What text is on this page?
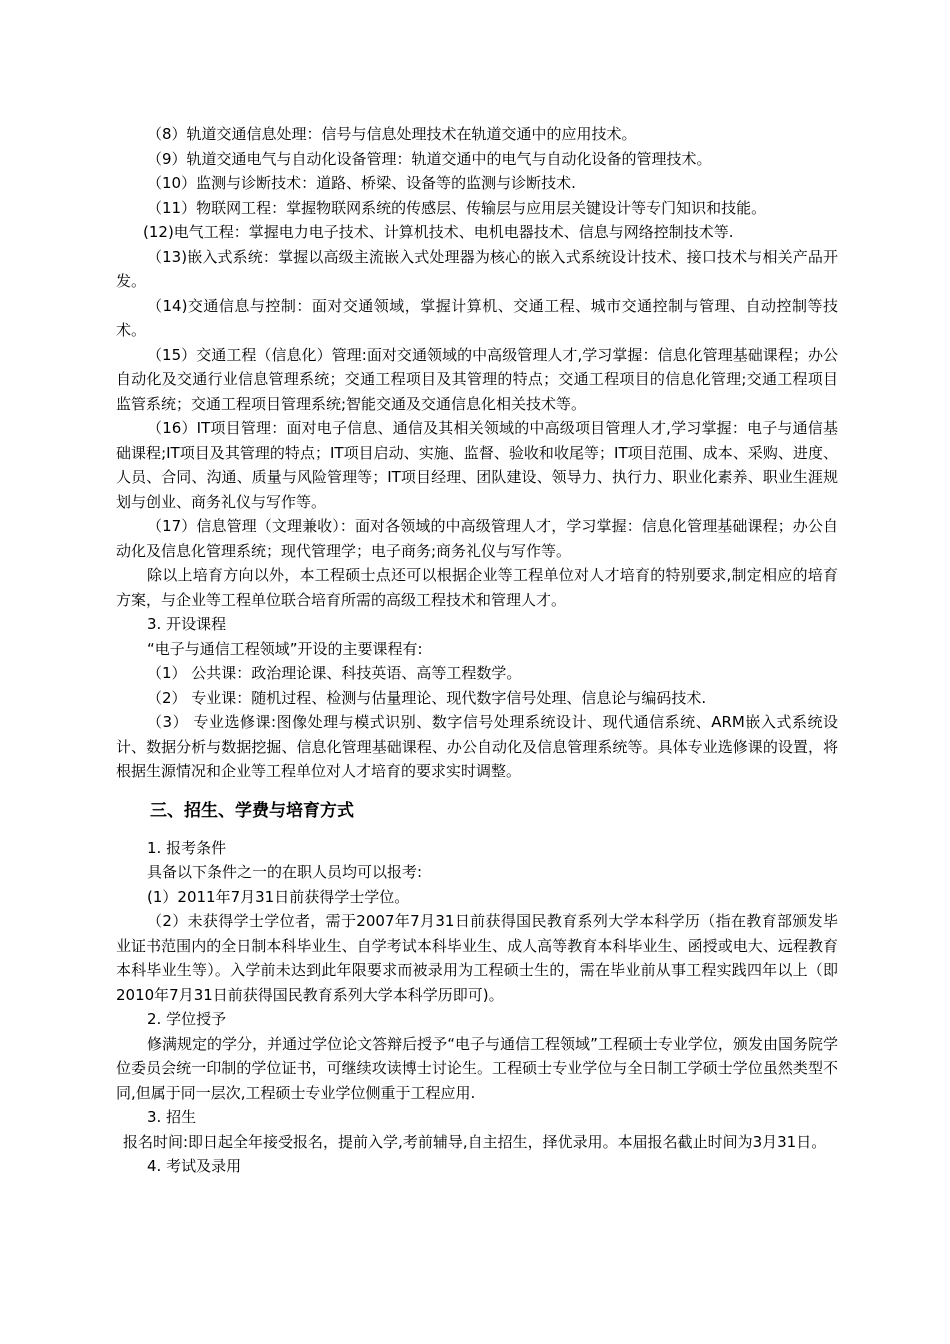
（8）轨道交通信息处理：信号与信息处理技术在轨道交通中的应用技术。

（9）轨道交通电气与自动化设备管理：轨道交通中的电气与自动化设备的管理技术。

（10）监测与诊断技术：道路、桥梁、设备等的监测与诊断技术.

（11）物联网工程：掌握物联网系统的传感层、传输层与应用层关键设计等专门知识和技能。

(12)电气工程：掌握电力电子技术、计算机技术、电机电器技术、信息与网络控制技术等.

（13)嵌入式系统：掌握以高级主流嵌入式处理器为核心的嵌入式系统设计技术、接口技术与相关产品开发。

（14)交通信息与控制：面对交通领域，掌握计算机、交通工程、城市交通控制与管理、自动控制等技术。

（15）交通工程（信息化）管理:面对交通领域的中高级管理人才,学习掌握：信息化管理基础课程；办公自动化及交通行业信息管理系统；交通工程项目及其管理的特点；交通工程项目的信息化管理;交通工程项目监管系统；交通工程项目管理系统;智能交通及交通信息化相关技术等。

（16）IT项目管理：面对电子信息、通信及其相关领域的中高级项目管理人才,学习掌握：电子与通信基础课程;IT项目及其管理的特点；IT项目启动、实施、监督、验收和收尾等；IT项目范围、成本、采购、进度、人员、合同、沟通、质量与风险管理等；IT项目经理、团队建设、领导力、执行力、职业化素养、职业生涯规划与创业、商务礼仪与写作等。

（17）信息管理（文理兼收）：面对各领域的中高级管理人才，学习掌握：信息化管理基础课程；办公自动化及信息化管理系统；现代管理学；电子商务;商务礼仪与写作等。

除以上培育方向以外，本工程硕士点还可以根据企业等工程单位对人才培育的特别要求,制定相应的培育方案，与企业等工程单位联合培育所需的高级工程技术和管理人才。

3. 开设课程

“电子与通信工程领域”开设的主要课程有:

（1） 公共课：政治理论课、科技英语、高等工程数学。

（2） 专业课：随机过程、检测与估量理论、现代数字信号处理、信息论与编码技术.

（3） 专业选修课:图像处理与模式识别、数字信号处理系统设计、现代通信系统、ARM嵌入式系统设计、数据分析与数据挖掘、信息化管理基础课程、办公自动化及信息管理系统等。具体专业选修课的设置，将根据生源情况和企业等工程单位对人才培育的要求实时调整。

三、招生、学费与培育方式

1. 报考条件

具备以下条件之一的在职人员均可以报考:

(1）2011年7月31日前获得学士学位。

（2）未获得学士学位者，需于2007年7月31日前获得国民教育系列大学本科学历（指在教育部颁发毕业证书范围内的全日制本科毕业生、自学考试本科毕业生、成人高等教育本科毕业生、函授或电大、远程教育本科毕业生等）。入学前未达到此年限要求而被录用为工程硕士生的，需在毕业前从事工程实践四年以上（即2010年7月31日前获得国民教育系列大学本科学历即可)。

2. 学位授予

修满规定的学分，并通过学位论文答辩后授予“电子与通信工程领域”工程硕士专业学位，颁发由国务院学位委员会统一印制的学位证书，可继续攻读博士讨论生。工程硕士专业学位与全日制工学硕士学位虽然类型不同,但属于同一层次,工程硕士专业学位侧重于工程应用.

3. 招生

报名时间:即日起全年接受报名，提前入学,考前辅导,自主招生，择优录用。本届报名截止时间为3月31日。

4. 考试及录用
